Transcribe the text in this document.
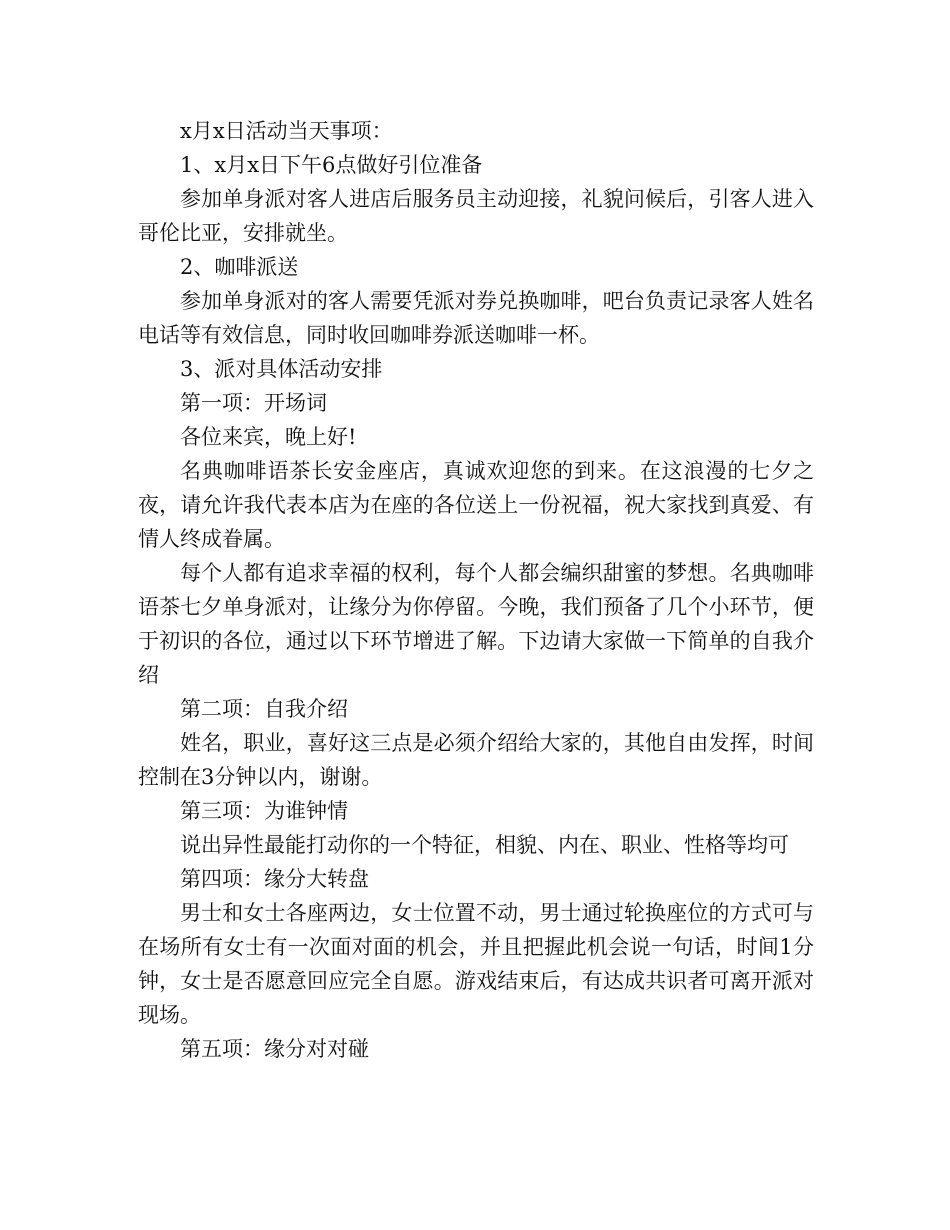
x月x日活动当天事项：

1、x月x日下午6点做好引位准备

参加单身派对客人进店后服务员主动迎接，礼貌问候后，引客人进入哥伦比亚，安排就坐。

2、咖啡派送

参加单身派对的客人需要凭派对券兑换咖啡，吧台负责记录客人姓名电话等有效信息，同时收回咖啡券派送咖啡一杯。

3、派对具体活动安排

第一项：开场词

各位来宾，晚上好!

名典咖啡语茶长安金座店，真诚欢迎您的到来。在这浪漫的七夕之夜，请允许我代表本店为在座的各位送上一份祝福，祝大家找到真爱、有情人终成眷属。

每个人都有追求幸福的权利，每个人都会编织甜蜜的梦想。名典咖啡语茶七夕单身派对，让缘分为你停留。今晚，我们预备了几个小环节，便于初识的各位，通过以下环节增进了解。下边请大家做一下简单的自我介绍

第二项：自我介绍

姓名，职业，喜好这三点是必须介绍给大家的，其他自由发挥，时间控制在3分钟以内，谢谢。

第三项：为谁钟情

说出异性最能打动你的一个特征，相貌、内在、职业、性格等均可

第四项：缘分大转盘

男士和女士各座两边，女士位置不动，男士通过轮换座位的方式可与在场所有女士有一次面对面的机会，并且把握此机会说一句话，时间1分钟，女士是否愿意回应完全自愿。游戏结束后，有达成共识者可离开派对现场。

第五项：缘分对对碰
